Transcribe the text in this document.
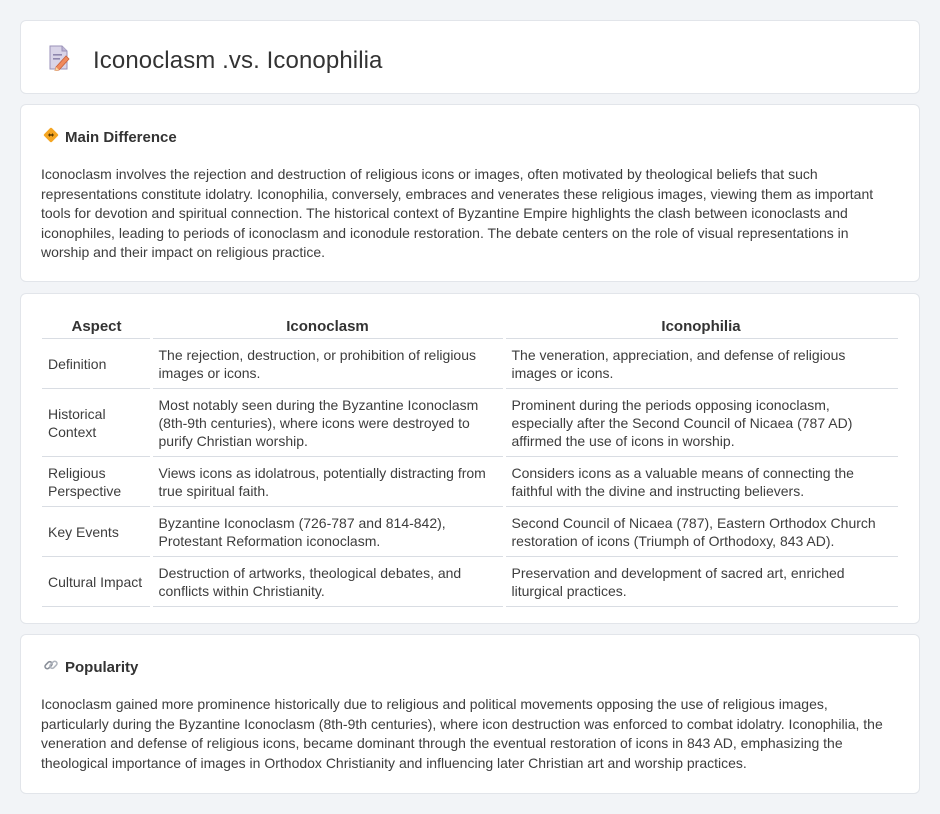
Iconoclasm .vs. Iconophilia
Main Difference

Iconoclasm involves the rejection and destruction of religious icons or images, often motivated by theological beliefs that such representations constitute idolatry. Iconophilia, conversely, embraces and venerates these religious images, viewing them as important tools for devotion and spiritual connection. The historical context of Byzantine Empire highlights the clash between iconoclasts and iconophiles, leading to periods of iconoclasm and iconodule restoration. The debate centers on the role of visual representations in worship and their impact on religious practice.

Aspect	Iconoclasm	Iconophilia
Definition	The rejection, destruction, or prohibition of religious images or icons.	The veneration, appreciation, and defense of religious images or icons.
Historical Context	Most notably seen during the Byzantine Iconoclasm (8th-9th centuries), where icons were destroyed to purify Christian worship.	Prominent during the periods opposing iconoclasm, especially after the Second Council of Nicaea (787 AD) affirmed the use of icons in worship.
Religious Perspective	Views icons as idolatrous, potentially distracting from true spiritual faith.	Considers icons as a valuable means of connecting the faithful with the divine and instructing believers.
Key Events	Byzantine Iconoclasm (726-787 and 814-842), Protestant Reformation iconoclasm.	Second Council of Nicaea (787), Eastern Orthodox Church restoration of icons (Triumph of Orthodoxy, 843 AD).
Cultural Impact	Destruction of artworks, theological debates, and conflicts within Christianity.	Preservation and development of sacred art, enriched liturgical practices.
Popularity

Iconoclasm gained more prominence historically due to religious and political movements opposing the use of religious images, particularly during the Byzantine Iconoclasm (8th-9th centuries), where icon destruction was enforced to combat idolatry. Iconophilia, the veneration and defense of religious icons, became dominant through the eventual restoration of icons in 843 AD, emphasizing the theological importance of images in Orthodox Christianity and influencing later Christian art and worship practices.
